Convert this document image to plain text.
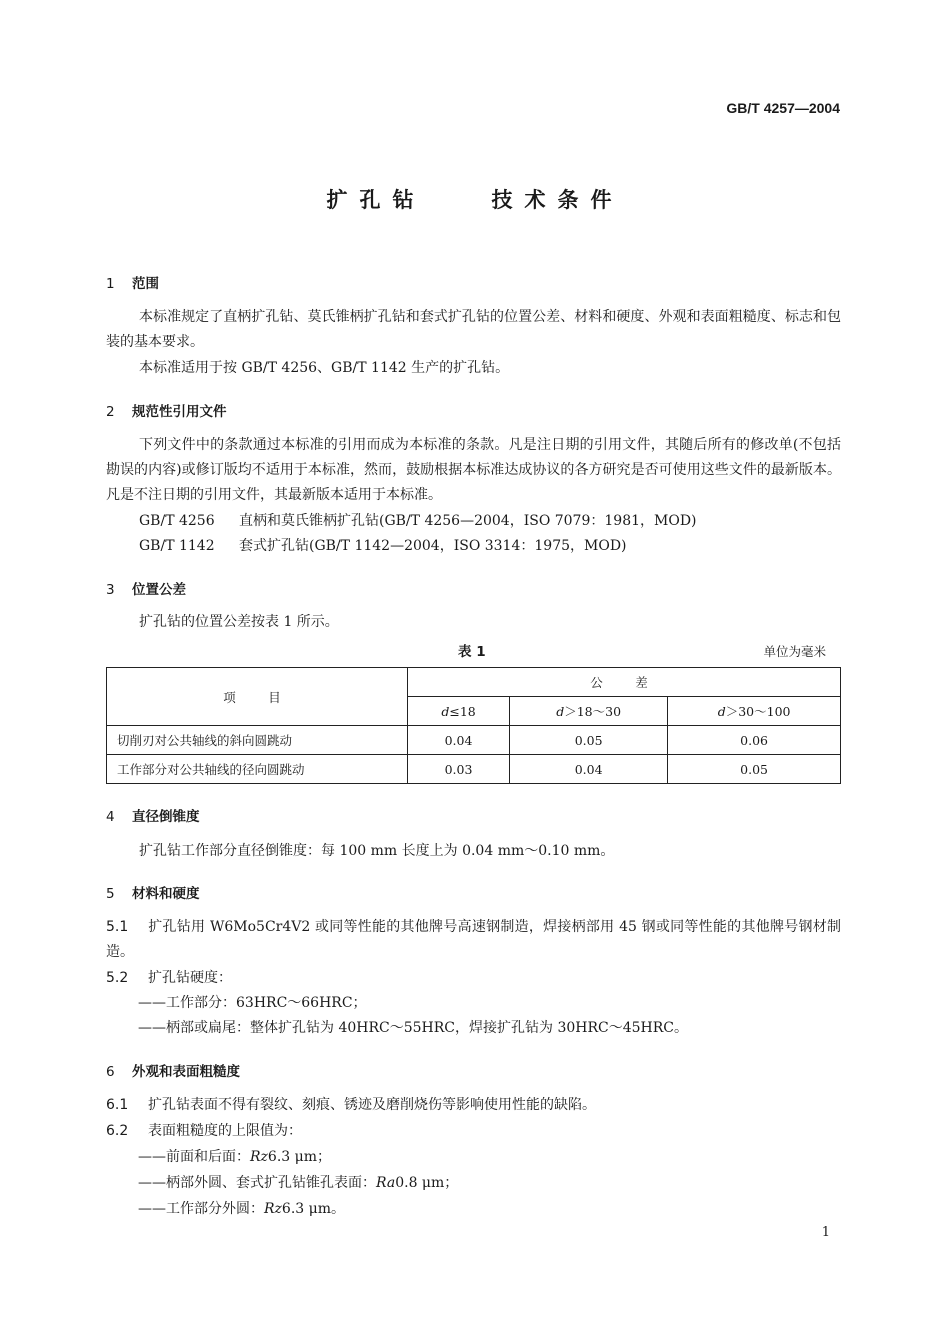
GB/T 4257—2004
扩孔钻　　技术条件
1 范围
本标准规定了直柄扩孔钻、莫氏锥柄扩孔钻和套式扩孔钻的位置公差、材料和硬度、外观和表面粗糙度、标志和包装的基本要求。
本标准适用于按 GB/T 4256、GB/T 1142 生产的扩孔钻。
2 规范性引用文件
下列文件中的条款通过本标准的引用而成为本标准的条款。凡是注日期的引用文件，其随后所有的修改单(不包括勘误的内容)或修订版均不适用于本标准，然而，鼓励根据本标准达成协议的各方研究是否可使用这些文件的最新版本。凡是不注日期的引用文件，其最新版本适用于本标准。
GB/T 4256 直柄和莫氏锥柄扩孔钻(GB/T 4256—2004，ISO 7079：1981，MOD)
GB/T 1142 套式扩孔钻(GB/T 1142—2004，ISO 3314：1975，MOD)
3 位置公差
扩孔钻的位置公差按表 1 所示。
表 1	单位为毫米
项　目	公　差		
	d≤18	d＞18～30	d＞30～100
切削刃对公共轴线的斜向圆跳动	0.04	0.05	0.06
工作部分对公共轴线的径向圆跳动	0.03	0.04	0.05
4 直径倒锥度
扩孔钻工作部分直径倒锥度：每 100 mm 长度上为 0.04 mm～0.10 mm。
5 材料和硬度
5.1 扩孔钻用 W6Mo5Cr4V2 或同等性能的其他牌号高速钢制造，焊接柄部用 45 钢或同等性能的其他牌号钢材制造。
5.2 扩孔钻硬度：
——工作部分：63HRC～66HRC；
——柄部或扁尾：整体扩孔钻为 40HRC～55HRC，焊接扩孔钻为 30HRC～45HRC。
6 外观和表面粗糙度
6.1 扩孔钻表面不得有裂纹、刻痕、锈迹及磨削烧伤等影响使用性能的缺陷。
6.2 表面粗糙度的上限值为：
——前面和后面：Rz6.3 μm；
——柄部外圆、套式扩孔钻锥孔表面：Ra0.8 μm；
——工作部分外圆：Rz6.3 μm。
1
